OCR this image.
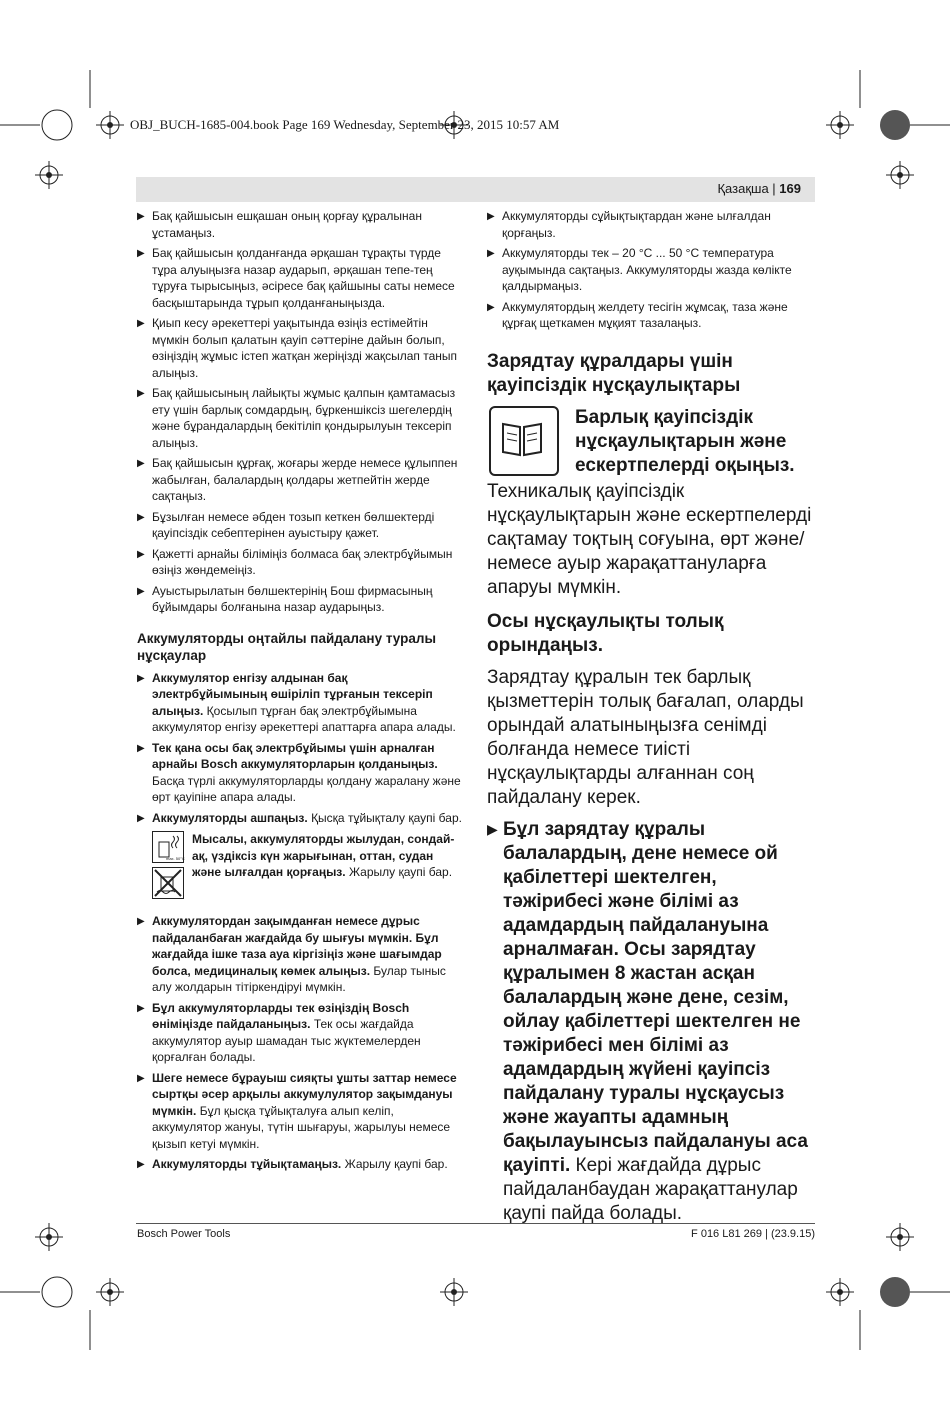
OBJ_BUCH-1685-004.book Page 169 Wednesday, September 23, 2015 10:57 AM
Қазақша | 169
▶ Бақ қайшысын ешқашан оның қорғау құралынан ұстамаңыз.
▶ Бақ қайшысын қолданғанда әрқашан тұрақты түрде тұра алуыңызға назар аударып, әрқашан тепе-тең тұруға тырысыңыз, әсіресе бақ қайшыны саты немесе басқыштарында тұрып қолданғаныңызда.
▶ Қиып кесу әрекеттері уақытында өзіңіз естімейтін мүмкін болып қалатын қауіп сәттеріне дайын болып, өзіңіздің жұмыс істеп жатқан жеріңізді жақсылап танып алыңыз.
▶ Бақ қайшысының лайықты жұмыс қалпын қамтамасыз ету үшін барлық сомдардың, бұркеншіксіз шегелердің және бұрандалардың бекітіліп қондырылуын тексеріп алыңыз.
▶ Бақ қайшысын құрғақ, жоғары жерде немесе құлыппен жабылған, балалардың қолдары жетпейтін жерде сақтаңыз.
▶ Бұзылған немесе әбден тозып кеткен бөлшектерді қауіпсіздік себептерінен ауыстыру қажет.
▶ Қажетті арнайы біліміңіз болмаса бақ электрбұйымын өзіңіз жөндемеіңіз.
▶ Ауыстырылатын бөлшектерінің Бош фирмасының бұйымдары болғанына назар аударыңыз.
Аккумуляторды оңтайлы пайдалану туралы нұсқаулар
▶ Аккумулятор енгізу алдынан бақ электрбұйымының өшіріліп тұрғанын тексеріп алыңыз. Қосылып тұрған бақ электрбұйымына аккумулятор енгізу әрекеттері апаттарға апара алады.
▶ Тек қана осы бақ электрбұйымы үшін арналған арнайы Bosch аккумуляторларын қолданыңыз. Басқа түрлі аккумуляторларды қолдану жаралану және өрт қауіпіне апара алады.
▶ Аккумуляторды ашпаңыз. Қысқа тұйықталу қаупі бар.
max. 50°C
Мысалы, аккумуляторды жылудан, сондай-ақ, үздіксіз күн жарығынан, оттан, судан және ылғалдан қорғаңыз. Жарылу қаупі бар.
▶ Аккумулятордан зақымданған немесе дұрыс пайдаланбаған жағдайда бу шығуы мүмкін. Бұл жағдайда ішке таза ауа кіргізіңіз және шағымдар болса, медициналық көмек алыңыз. Булар тыныс алу жолдарын тітіркендіруі мүмкін.
▶ Бұл аккумуляторларды тек өзіңіздің Bosch өніміңізде пайдаланыңыз. Тек осы жағдайда аккумулятор ауыр шамадан тыс жүктемелерден қорғалған болады.
▶ Шеге немесе бұрауыш сияқты ұшты заттар немесе сыртқы әсер арқылы аккумулулятор зақымдануы мүмкін. Бұл қысқа тұйықталуға алып келіп, аккумулятор жануы, түтін шығаруы, жарылуы немесе қызып кетуі мүмкін.
▶ Аккумуляторды тұйықтамаңыз. Жарылу қаупі бар.
▶ Аккумуляторды сұйықтықтардан және ылғалдан қорғаңыз.
▶ Аккумуляторды тек – 20 °C ... 50 °C температура ауқымында сақтаңыз. Аккумуляторды жазда көлікте қалдырмаңыз.
▶ Аккумулятордың желдету тесігін жұмсақ, таза және құрғақ щеткамен мұқият тазалаңыз.
Зарядтау құралдары үшін қауіпсіздік нұсқаулықтары
Барлық қауіпсіздік нұсқаулықтарын және ескертпелерді оқыңыз.
Техникалық қауіпсіздік нұсқаулықтарын және ескертпелерді сақтамау тоқтың соғуына, өрт және/немесе ауыр жарақаттануларға апаруы мүмкін.
Осы нұсқаулықты толық орындаңыз.
Зарядтау құралын тек барлық қызметтерін толық бағалап, оларды орындай алатыныңызға сенімді болғанда немесе тиісті нұсқаулықтарды алғаннан соң пайдалану керек.
▶ Бұл зарядтау құралы балалардың, дене немесе ой қабілеттері шектелген, тәжірибесі және білімі аз адамдардың пайдалануына арналмаған. Осы зарядтау құралымен 8 жастан асқан балалардың және дене, сезім, ойлау қабілеттері шектелген не тәжірибесі мен білімі аз адамдардың жүйені қауіпсіз пайдалану туралы нұсқаусыз және жауапты адамның бақылауынсыз пайдалануы аса қауіпті. Кері жағдайда дұрыс пайдаланбаудан жарақаттанулар қаупі пайда болады.
Bosch Power Tools	F 016 L81 269 | (23.9.15)
